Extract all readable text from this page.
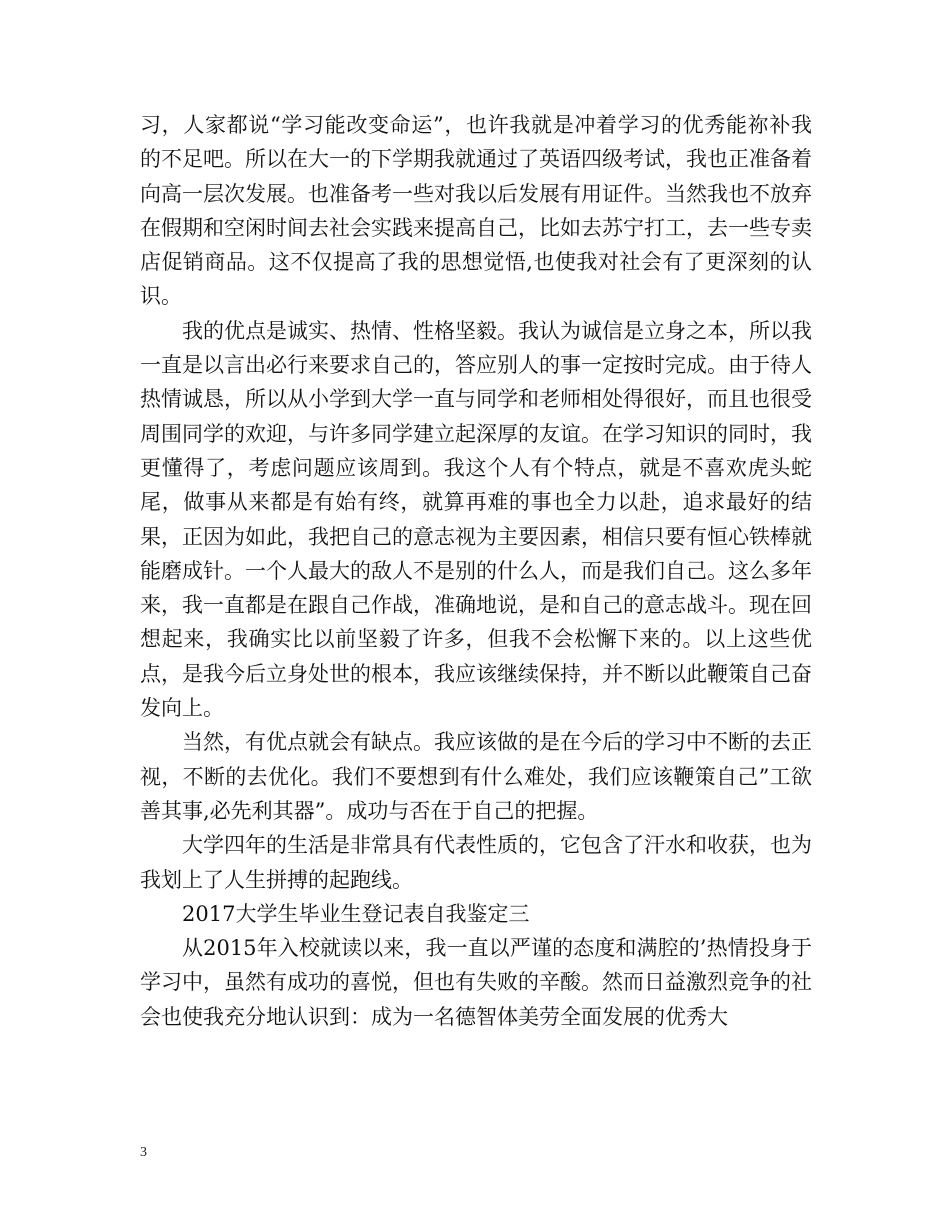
习，人家都说“学习能改变命运”，也许我就是冲着学习的优秀能祢补我的不足吧。所以在大一的下学期我就通过了英语四级考试，我也正准备着向高一层次发展。也准备考一些对我以后发展有用证件。当然我也不放弃在假期和空闲时间去社会实践来提高自己，比如去苏宁打工，去一些专卖店促销商品。这不仅提高了我的思想觉悟,也使我对社会有了更深刻的认识。

我的优点是诚实、热情、性格坚毅。我认为诚信是立身之本，所以我一直是以言出必行来要求自己的，答应别人的事一定按时完成。由于待人热情诚恳，所以从小学到大学一直与同学和老师相处得很好，而且也很受周围同学的欢迎，与许多同学建立起深厚的友谊。在学习知识的同时，我更懂得了，考虑问题应该周到。我这个人有个特点，就是不喜欢虎头蛇尾，做事从来都是有始有终，就算再难的事也全力以赴，追求最好的结果，正因为如此，我把自己的意志视为主要因素，相信只要有恒心铁棒就能磨成针。一个人最大的敌人不是别的什么人，而是我们自己。这么多年来，我一直都是在跟自己作战，准确地说，是和自己的意志战斗。现在回想起来，我确实比以前坚毅了许多，但我不会松懈下来的。以上这些优点，是我今后立身处世的根本，我应该继续保持，并不断以此鞭策自己奋发向上。

当然，有优点就会有缺点。我应该做的是在今后的学习中不断的去正视，不断的去优化。我们不要想到有什么难处，我们应该鞭策自己”工欲善其事,必先利其器”。成功与否在于自己的把握。

大学四年的生活是非常具有代表性质的，它包含了汗水和收获，也为我划上了人生拼搏的起跑线。

2017大学生毕业生登记表自我鉴定三

从2015年入校就读以来，我一直以严谨的态度和满腔的’热情投身于学习中，虽然有成功的喜悦，但也有失败的辛酸。然而日益激烈竞争的社会也使我充分地认识到：成为一名德智体美劳全面发展的优秀大

3
